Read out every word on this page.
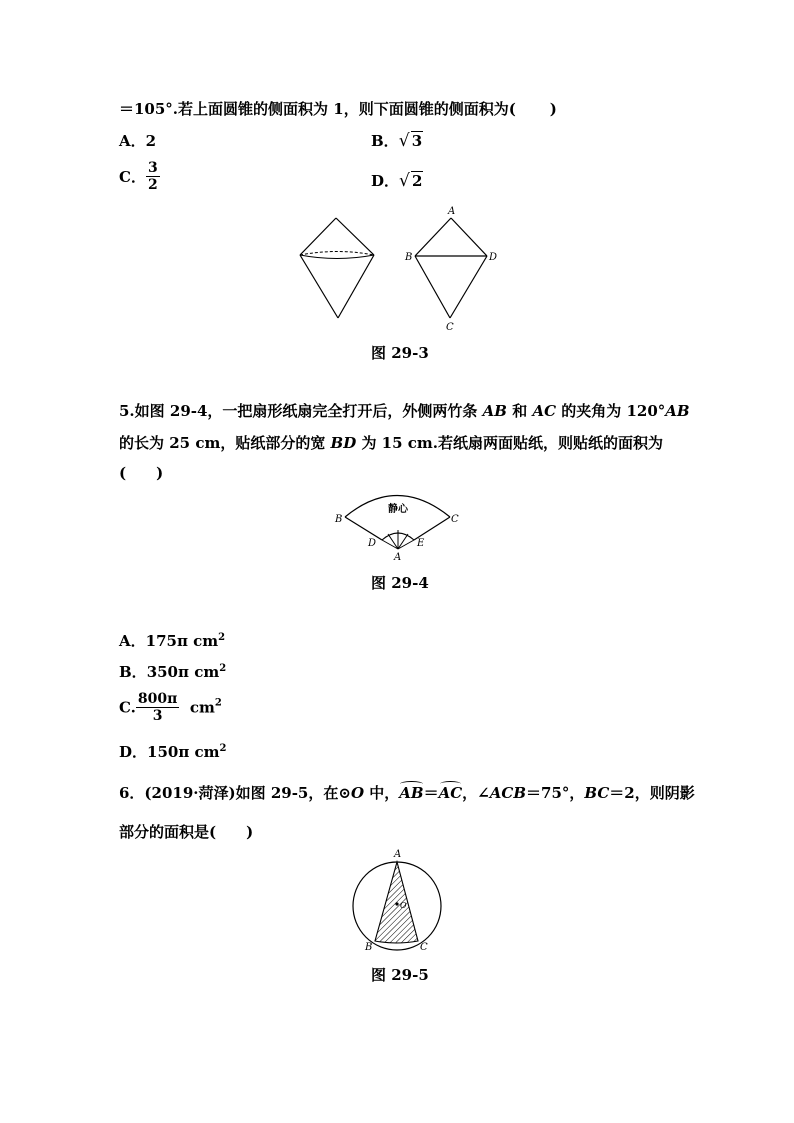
＝105°.若上面圆锥的侧面积为 1，则下面圆锥的侧面积为( )
A．2	B． √ 3
C． $\frac{3}{2}$	D． √ 2
A
B	D
C
图 29-3
5.如图 29-4，一把扇形纸扇完全打开后，外侧两竹条 AB 和 AC 的夹角为 120°AB
的长为 25 cm，贴纸部分的宽 BD 为 15 cm.若纸扇两面贴纸，则贴纸的面积为
(　　)
静心
B	C
D	E
A
图 29-4
A．175π $cm^2$
B．350π $cm^2$
C. $\frac{800\pi}{3} cm^2$
D．150π $cm^2$
6．(2019·菏泽)如图 29-5，在⊙O 中，AB＝AC，∠ACB＝75°，BC＝2，则阴影
部分的面积是(　　)
A
B	C
O
图 29-5
